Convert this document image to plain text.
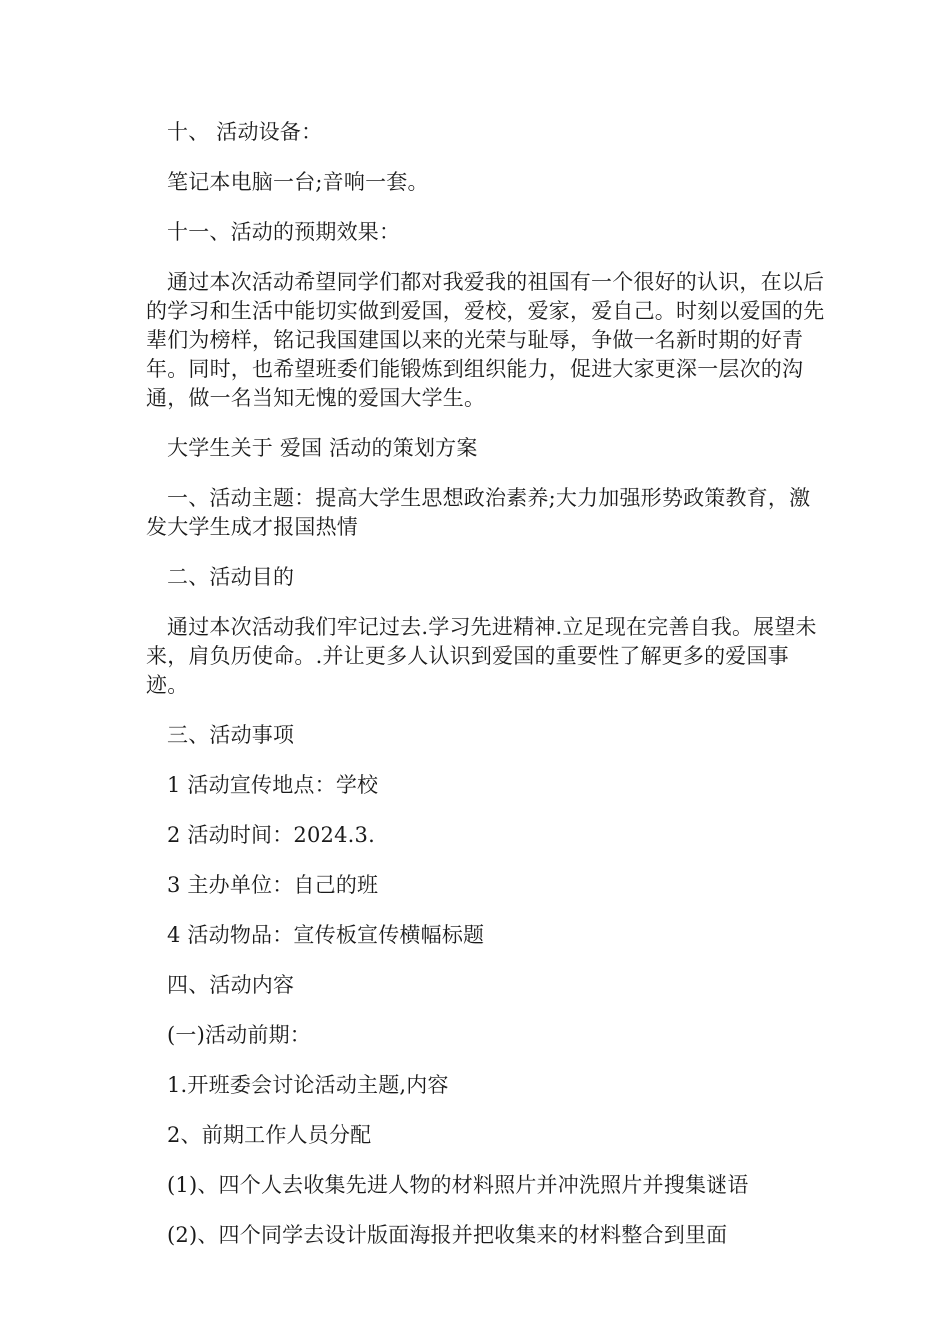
十、 活动设备：

笔记本电脑一台;音响一套。

十一、活动的预期效果：

通过本次活动希望同学们都对我爱我的祖国有一个很好的认识，在以后的学习和生活中能切实做到爱国，爱校，爱家，爱自己。时刻以爱国的先辈们为榜样，铭记我国建国以来的光荣与耻辱，争做一名新时期的好青年。同时，也希望班委们能锻炼到组织能力，促进大家更深一层次的沟通，做一名当知无愧的爱国大学生。

大学生关于 爱国 活动的策划方案

一、活动主题：提高大学生思想政治素养;大力加强形势政策教育，激发大学生成才报国热情

二、活动目的

通过本次活动我们牢记过去.学习先进精神.立足现在完善自我。展望未来，肩负历使命。.并让更多人认识到爱国的重要性了解更多的爱国事迹。

三、活动事项

1 活动宣传地点：学校

2 活动时间：2024.3.

3 主办单位：自己的班

4 活动物品：宣传板宣传横幅标题

四、活动内容

(一)活动前期：

1.开班委会讨论活动主题,内容

2、前期工作人员分配

(1)、四个人去收集先进人物的材料照片并冲洗照片并搜集谜语

(2)、四个同学去设计版面海报并把收集来的材料整合到里面
